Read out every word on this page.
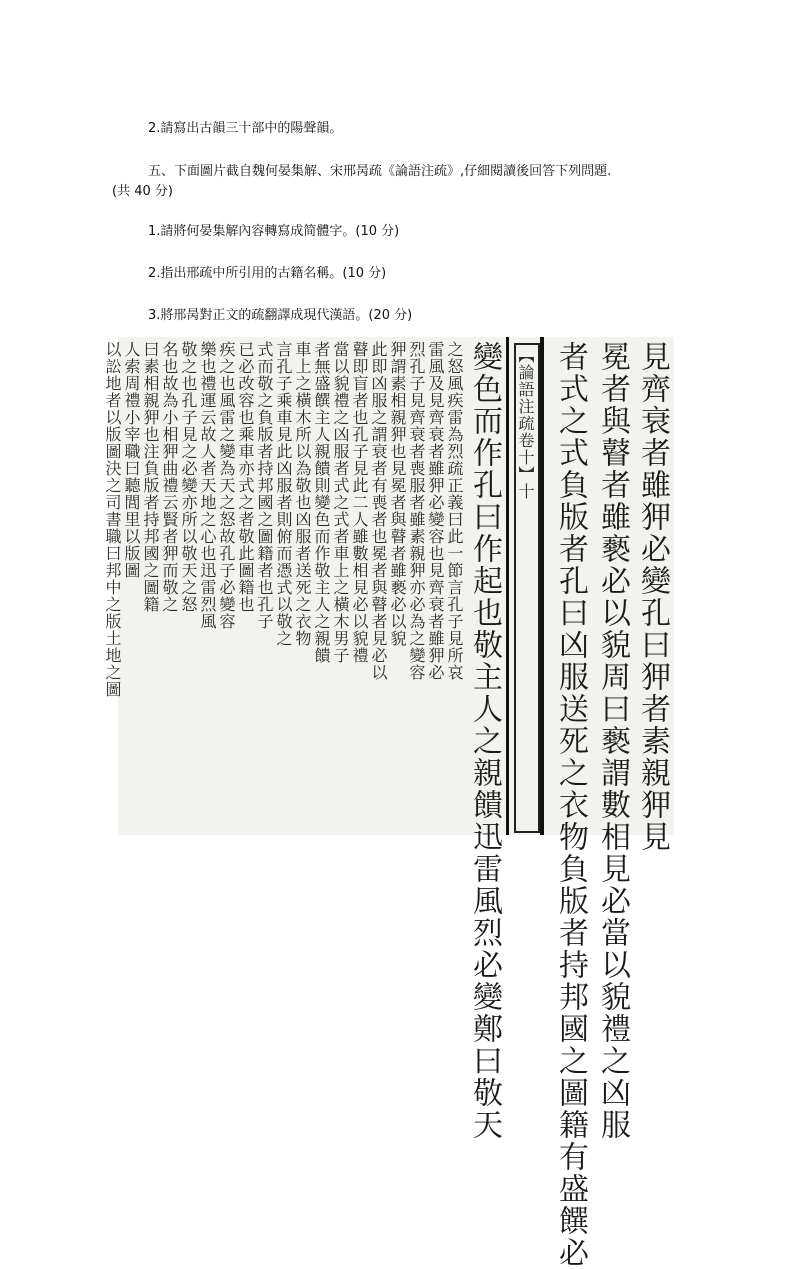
2.請寫出古韻三十部中的陽聲韻。
五、下面圖片截自魏何晏集解、宋邢昺疏《論語注疏》,仔細閱讀後回答下列問題.
(共 40 分)
1.請將何晏集解內容轉寫成简體字。(10 分)
2.指出邢疏中所引用的古籍名稱。(10 分)
3.將邢昺對正文的疏翻譯成現代漢語。(20 分)
見齊衰者雖狎必變孔曰狎者素親狎見
冕者與瞽者雖褻必以貌周曰褻謂數相見必當以貌禮之凶服
者式之式負版者孔曰凶服送死之衣物負版者持邦國之圖籍有盛饌必
變色而作孔曰作起也敬主人之親饋迅雷風烈必變鄭曰敬天 【論語注疏卷十】十
之怒風疾雷為烈疏正義曰此一節言孔子見所哀
雷風及見齊衰者雖狎必變容也見齊衰者雖狎必
烈孔子見齊衰者喪服者雖素親狎亦必為之變容
狎謂素相親狎也見冕者與瞽者雖褻必以貌
此即凶服之謂衰者有喪者也冕者與瞽者見必以
瞽即盲者也孔子見此二人雖數相見必以貌禮
當以貌禮之凶服者式之式者車上之橫木男子
者無盛饌主人親饋則變色而作敬主人之親饋
車上之橫木所以為敬也凶服者送死之衣物
言孔子乘車見此凶服者則俯而憑式以敬之
式而敬之負版者持邦國之圖籍者也孔子
已必改容也乘車亦式之者敬此圖籍也
疾之也風雷之變為天之怒故孔子必變容
樂也禮運云故人者天地之心也迅雷烈風
敬之也孔子見之必變亦所以敬天之怒
名也故為小相狎曲禮云賢者狎而敬之
曰素相親狎也注負版者持邦國之圖籍
人索周禮小宰職曰聽閭里以版圖
以訟地者以版圖決之司書職曰邦中之版土地之圖
